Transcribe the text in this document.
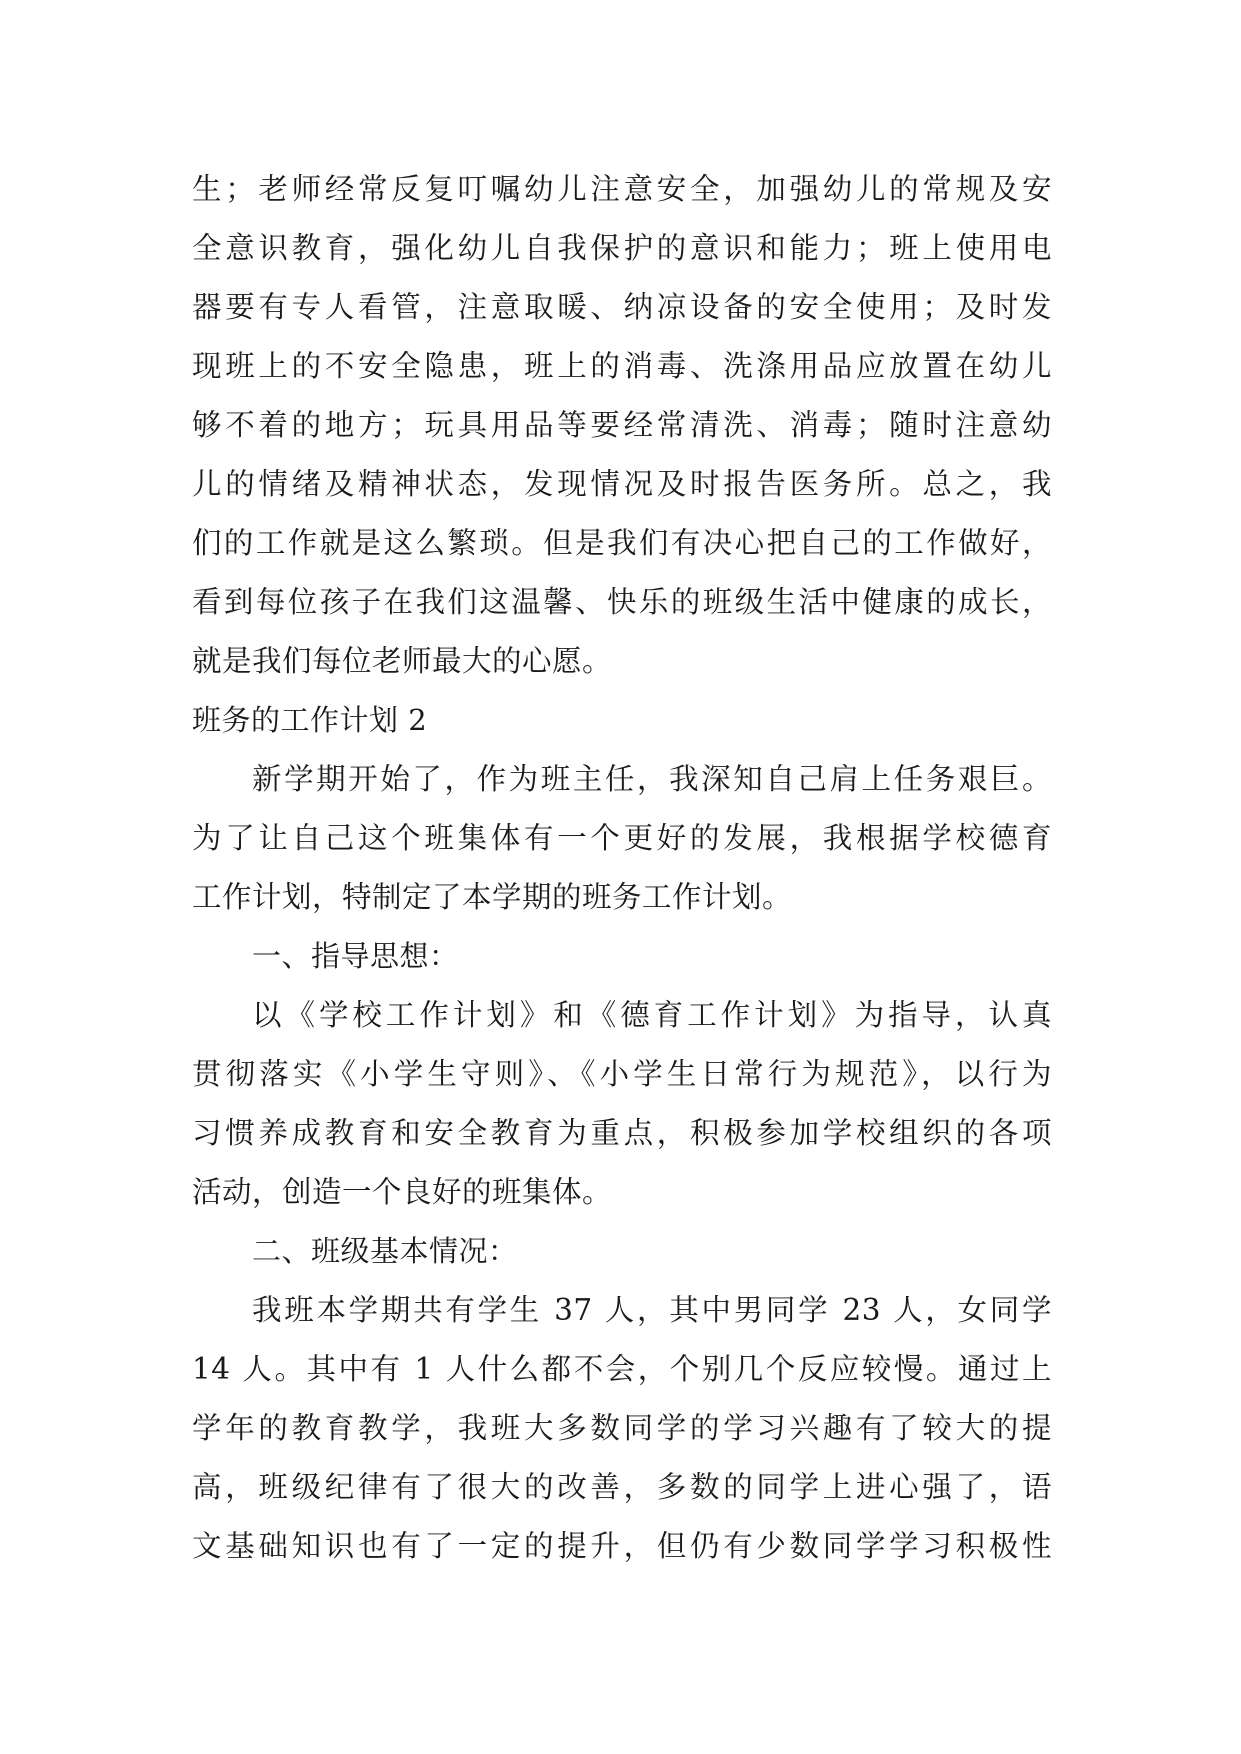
生；老师经常反复叮嘱幼儿注意安全，加强幼儿的常规及安
全意识教育，强化幼儿自我保护的意识和能力；班上使用电
器要有专人看管，注意取暖、纳凉设备的安全使用；及时发
现班上的不安全隐患，班上的消毒、洗涤用品应放置在幼儿
够不着的地方；玩具用品等要经常清洗、消毒；随时注意幼
儿的情绪及精神状态，发现情况及时报告医务所。总之，我
们的工作就是这么繁琐。但是我们有决心把自己的工作做好，
看到每位孩子在我们这温馨、快乐的班级生活中健康的成长，
就是我们每位老师最大的心愿。
班务的工作计划 2
新学期开始了，作为班主任，我深知自己肩上任务艰巨。
为了让自己这个班集体有一个更好的发展，我根据学校德育
工作计划，特制定了本学期的班务工作计划。
一、指导思想：
以《学校工作计划》和《德育工作计划》为指导，认真
贯彻落实《小学生守则》、《小学生日常行为规范》，以行为
习惯养成教育和安全教育为重点，积极参加学校组织的各项
活动，创造一个良好的班集体。
二、班级基本情况：
我班本学期共有学生 37 人，其中男同学 23 人，女同学
14 人。其中有 1 人什么都不会，个别几个反应较慢。通过上
学年的教育教学，我班大多数同学的学习兴趣有了较大的提
高，班级纪律有了很大的改善，多数的同学上进心强了，语
文基础知识也有了一定的提升，但仍有少数同学学习积极性
